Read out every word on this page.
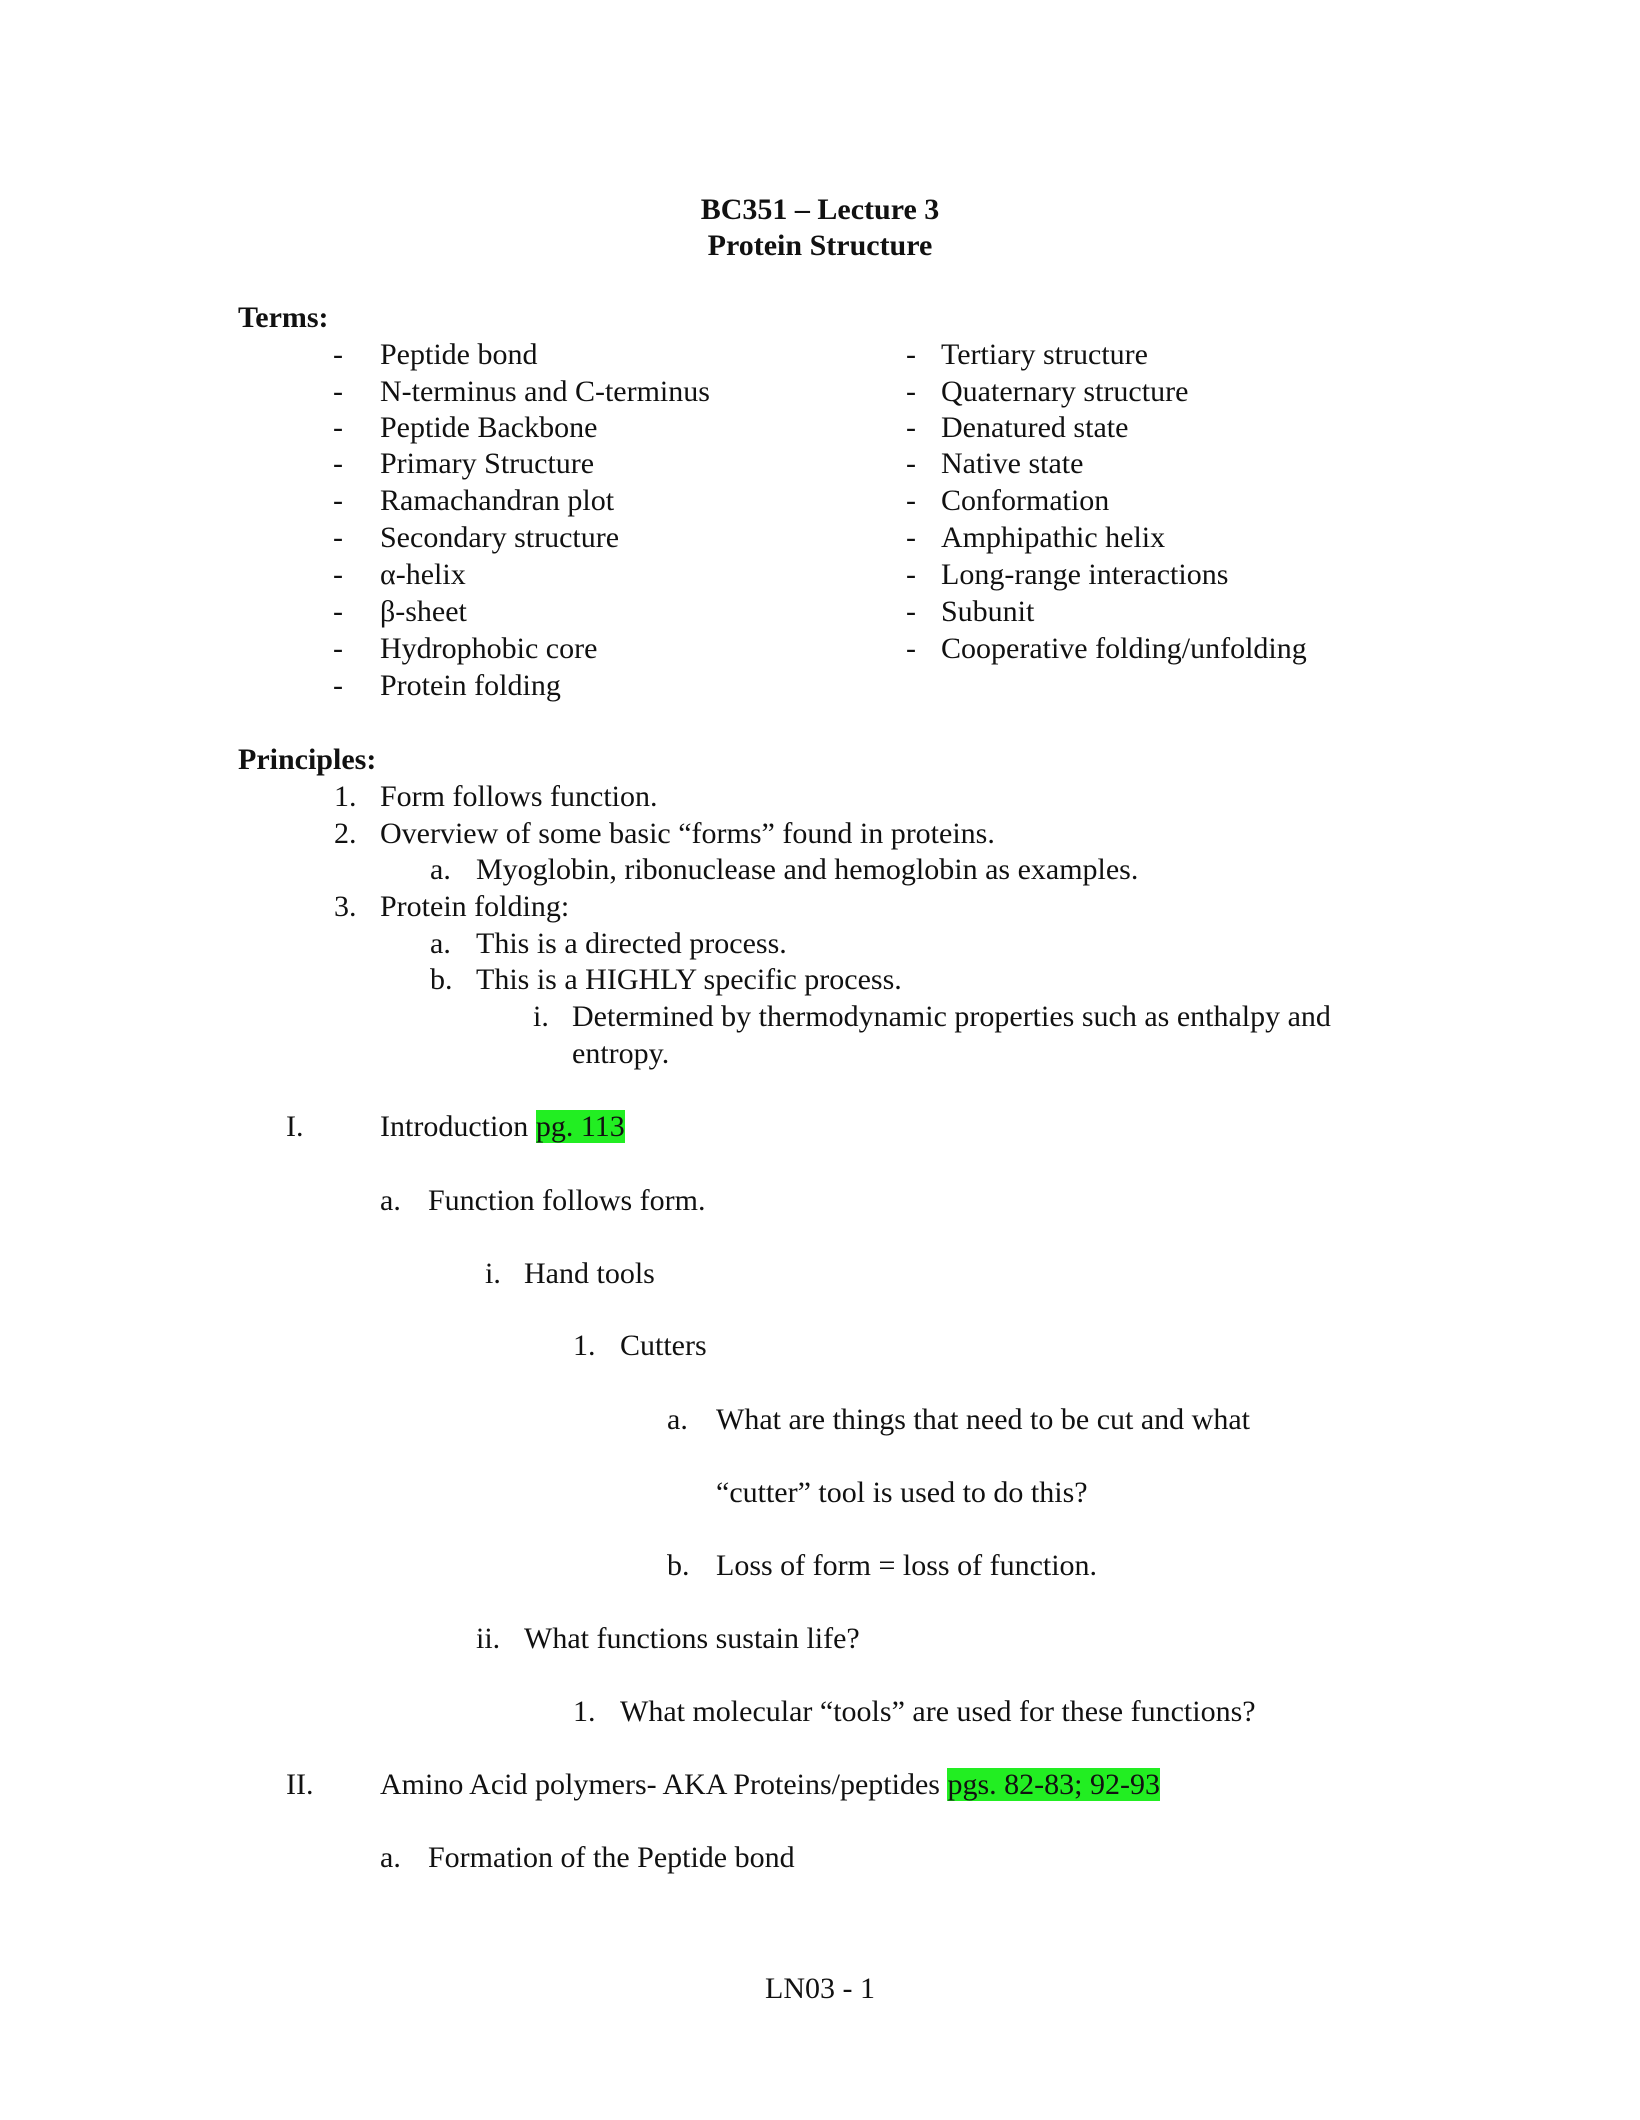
BC351 – Lecture 3
Protein Structure
Terms:
- Peptide bond
- N-terminus and C-terminus
- Peptide Backbone
- Primary Structure
- Ramachandran plot
- Secondary structure
- α-helix
- β-sheet
- Hydrophobic core
- Protein folding
- Tertiary structure
- Quaternary structure
- Denatured state
- Native state
- Conformation
- Amphipathic helix
- Long-range interactions
- Subunit
- Cooperative folding/unfolding
Principles:
1. Form follows function.
2. Overview of some basic “forms” found in proteins.
a. Myoglobin, ribonuclease and hemoglobin as examples.
3. Protein folding:
a. This is a directed process.
b. This is a HIGHLY specific process.
i. Determined by thermodynamic properties such as enthalpy and
entropy.
I.	Introduction pg. 113
a. Function follows form.
i. Hand tools
1. Cutters
a. What are things that need to be cut and what
“cutter” tool is used to do this?
b. Loss of form = loss of function.
ii. What functions sustain life?
1. What molecular “tools” are used for these functions?
II. Amino Acid polymers- AKA Proteins/peptides pgs. 82-83; 92-93
a. Formation of the Peptide bond
LN03 - 1
